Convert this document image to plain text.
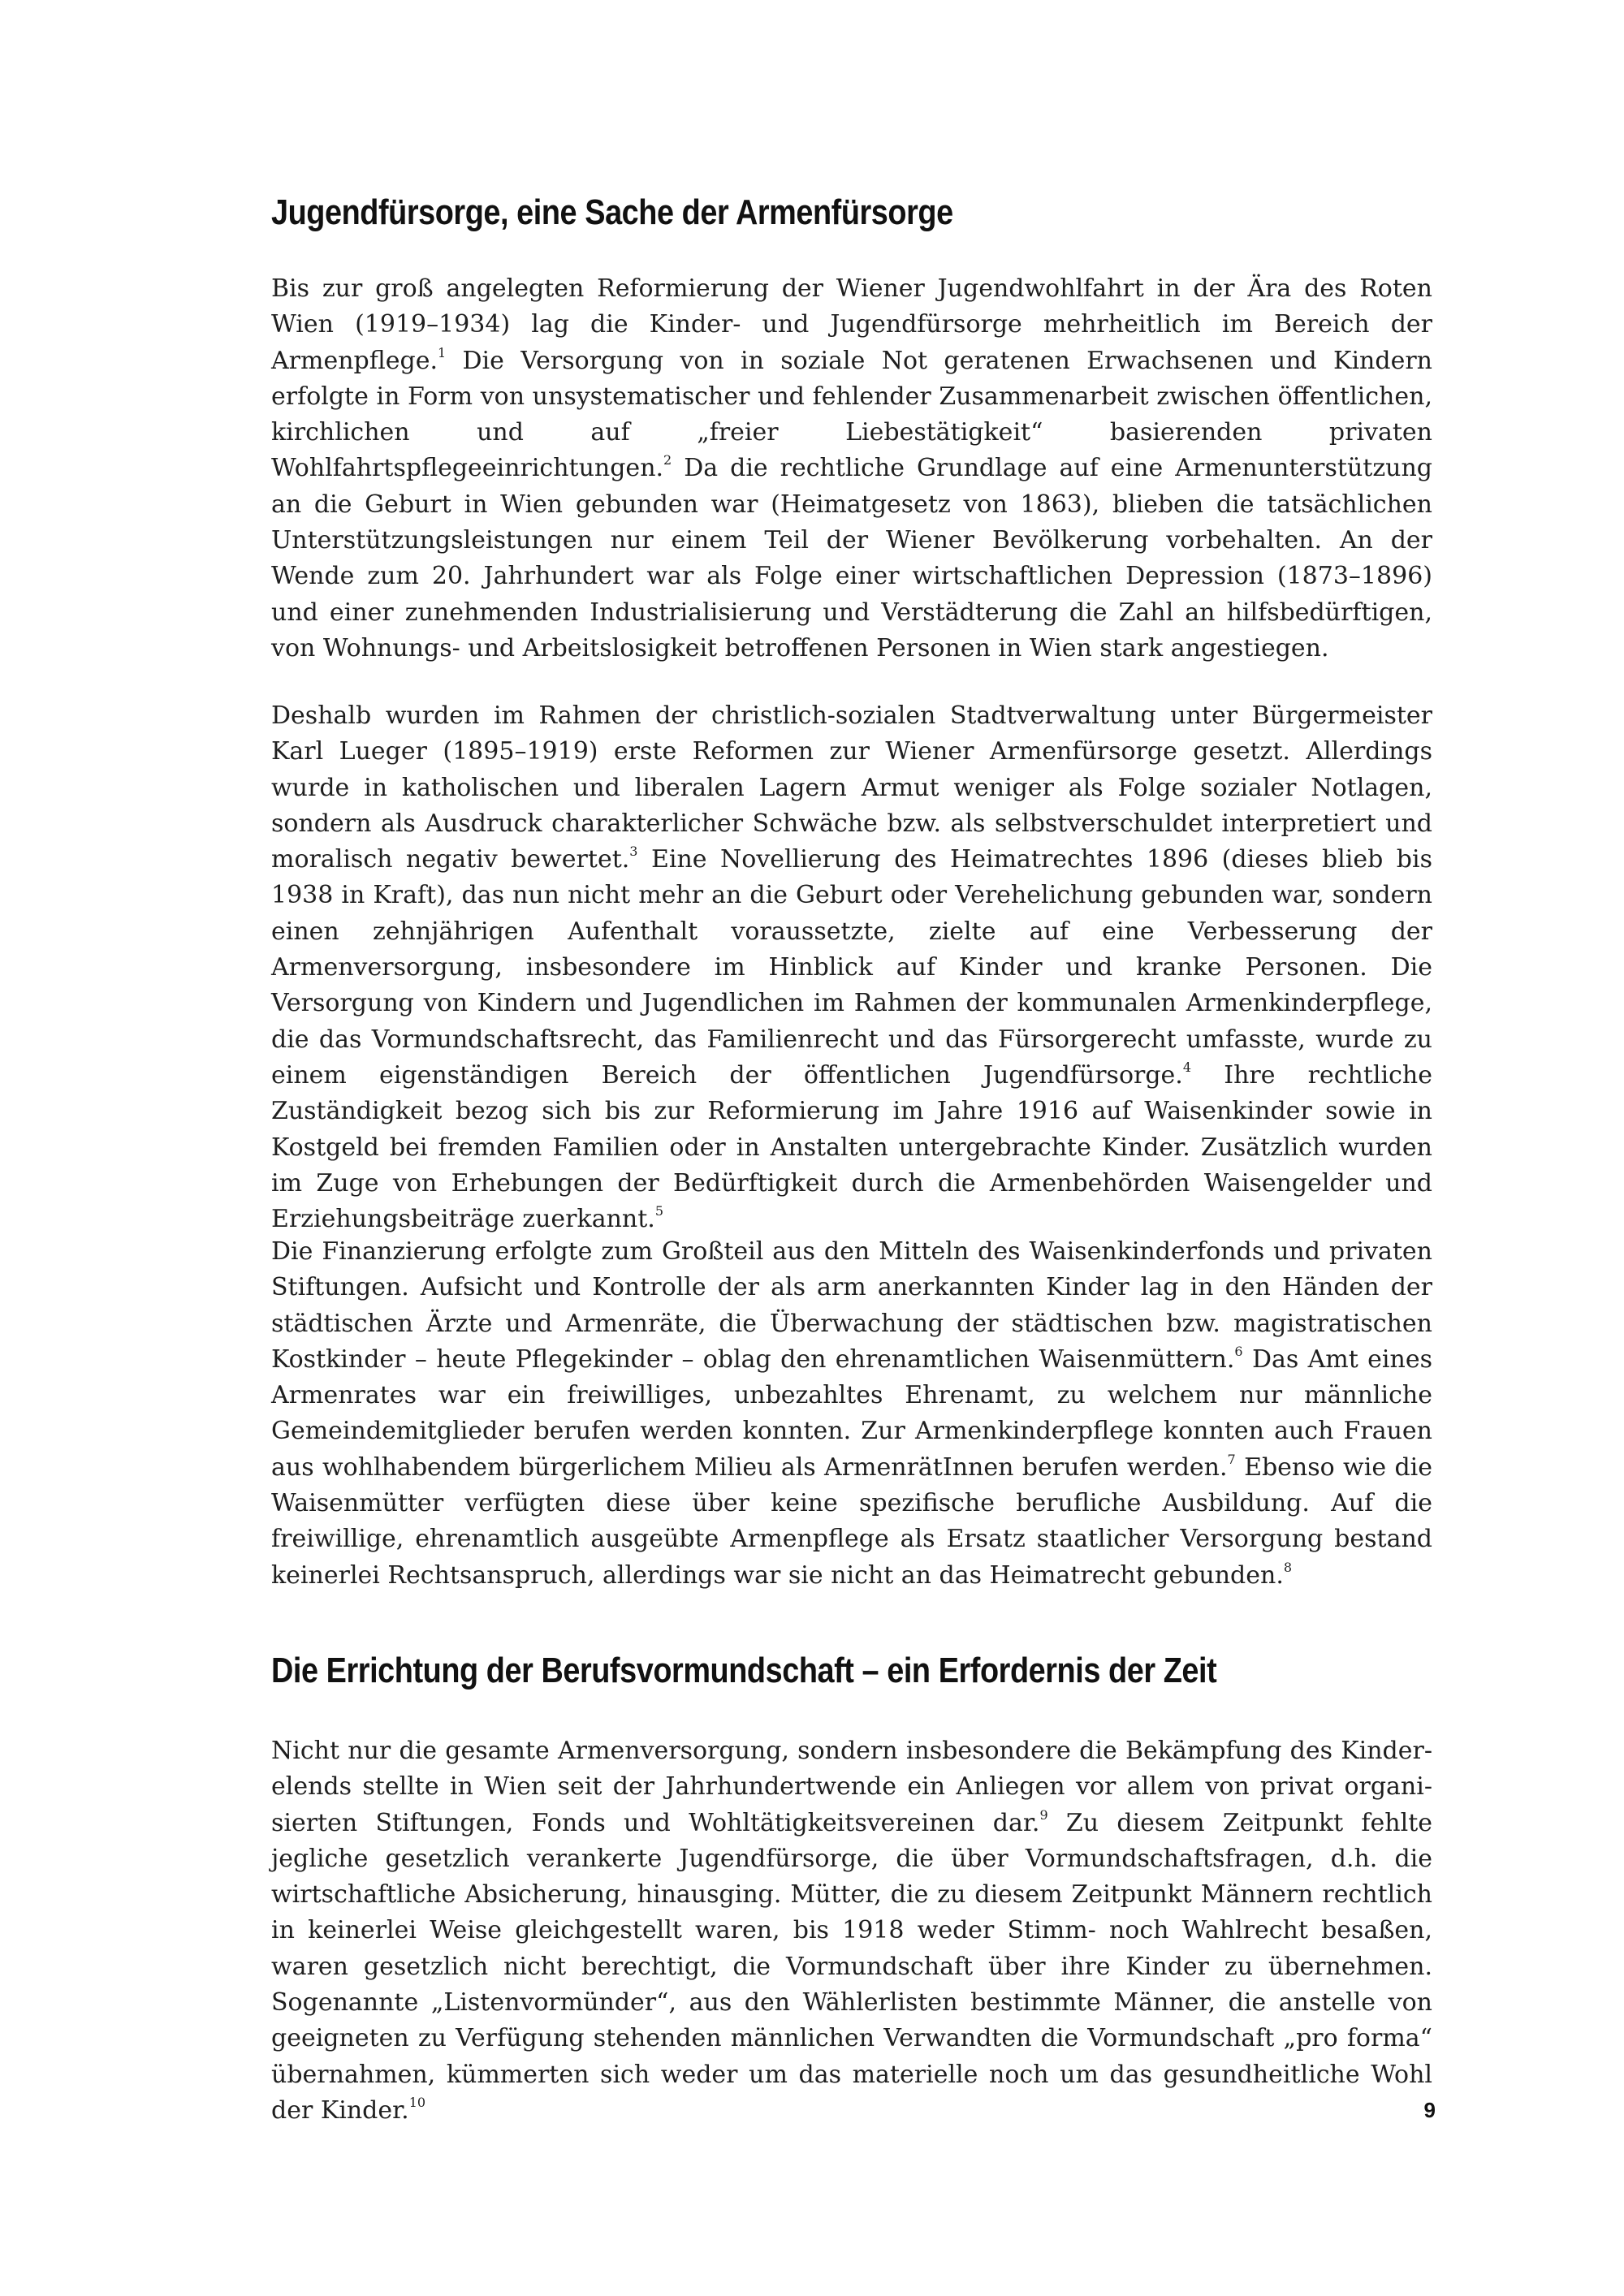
Jugendfürsorge, eine Sache der Armenfürsorge

Bis zur groß angelegten Reformierung der Wiener Jugendwohlfahrt in der Ära des Roten Wien (1919–1934) lag die Kinder- und Jugendfürsorge mehrheitlich im Bereich der Armenpflege.$^1$ Die Versorgung von in soziale Not geratenen Erwachsenen und Kindern erfolgte in Form von unsystematischer und fehlender Zusammenarbeit zwischen öffentlichen, kirchlichen und auf „freier Liebestätigkeit“ basierenden privaten Wohlfahrtspflegeeinrichtungen.$^2$ Da die rechtliche Grundlage auf eine Armenunterstützung an die Geburt in Wien gebunden war (Heimatgesetz von 1863), blieben die tatsächlichen Unterstützungsleistungen nur einem Teil der Wiener Bevölkerung vorbehalten. An der Wende zum 20. Jahrhundert war als Folge einer wirtschaftlichen Depression (1873–1896) und einer zunehmenden Industrialisierung und Verstädterung die Zahl an hilfsbedürftigen, von Wohnungs- und Arbeitslosigkeit betroffenen Personen in Wien stark angestiegen.

Deshalb wurden im Rahmen der christlich-sozialen Stadtverwaltung unter Bürgermeister Karl Lueger (1895–1919) erste Reformen zur Wiener Armenfürsorge gesetzt. Allerdings wurde in katholischen und liberalen Lagern Armut weniger als Folge sozialer Notlagen, sondern als Ausdruck charakterlicher Schwäche bzw. als selbstverschuldet interpretiert und moralisch negativ bewertet.$^3$ Eine Novellierung des Heimatrechtes 1896 (dieses blieb bis 1938 in Kraft), das nun nicht mehr an die Geburt oder Verehelichung gebunden war, sondern einen zehnjährigen Aufenthalt voraussetzte, zielte auf eine Verbesserung der Armenversorgung, insbesondere im Hinblick auf Kinder und kranke Personen. Die Versorgung von Kindern und Jugendlichen im Rahmen der kommunalen Armenkinderpflege, die das Vormundschaftsrecht, das Familienrecht und das Fürsorgerecht umfasste, wurde zu einem eigenständigen Bereich der öffentlichen Jugendfürsorge.$^4$ Ihre rechtliche Zuständigkeit bezog sich bis zur Reformierung im Jahre 1916 auf Waisenkinder sowie in Kostgeld bei fremden Familien oder in Anstalten untergebrachte Kinder. Zusätzlich wurden im Zuge von Erhebungen der Bedürftigkeit durch die Armenbehörden Waisengelder und Erziehungsbeiträge zuerkannt.$^5$

Die Finanzierung erfolgte zum Großteil aus den Mitteln des Waisenkinderfonds und privaten Stiftungen. Aufsicht und Kontrolle der als arm anerkannten Kinder lag in den Händen der städtischen Ärzte und Armenräte, die Überwachung der städtischen bzw. magistratischen Kostkinder – heute Pflegekinder – oblag den ehrenamtlichen Waisenmüttern.$^6$ Das Amt eines Armenrates war ein freiwilliges, unbezahltes Ehrenamt, zu welchem nur männliche Gemeindemitglieder berufen werden konnten. Zur Armenkinderpflege konnten auch Frauen aus wohlhabendem bürgerlichem Milieu als ArmenrätInnen berufen werden.$^7$ Ebenso wie die Waisenmütter verfügten diese über keine spezifische berufliche Ausbildung. Auf die freiwillige, ehrenamtlich ausgeübte Armenpflege als Ersatz staatlicher Versorgung bestand keinerlei Rechtsanspruch, allerdings war sie nicht an das Heimatrecht gebunden.$^8$

Die Errichtung der Berufsvormundschaft – ein Erfordernis der Zeit

Nicht nur die gesamte Armenversorgung, sondern insbesondere die Bekämpfung des Kinderelends stellte in Wien seit der Jahrhundertwende ein Anliegen vor allem von privat organisierten Stiftungen, Fonds und Wohltätigkeitsvereinen dar.$^9$ Zu diesem Zeitpunkt fehlte jegliche gesetzlich verankerte Jugendfürsorge, die über Vormundschaftsfragen, d.h. die wirtschaftliche Absicherung, hinausging. Mütter, die zu diesem Zeitpunkt Männern rechtlich in keinerlei Weise gleichgestellt waren, bis 1918 weder Stimm- noch Wahlrecht besaßen, waren gesetzlich nicht berechtigt, die Vormundschaft über ihre Kinder zu übernehmen. Sogenannte „Listenvormünder“, aus den Wählerlisten bestimmte Männer, die anstelle von geeigneten zu Verfügung stehenden männlichen Verwandten die Vormundschaft „pro forma“ übernahmen, kümmerten sich weder um das materielle noch um das gesundheitliche Wohl der Kinder.$^{10}$	9
